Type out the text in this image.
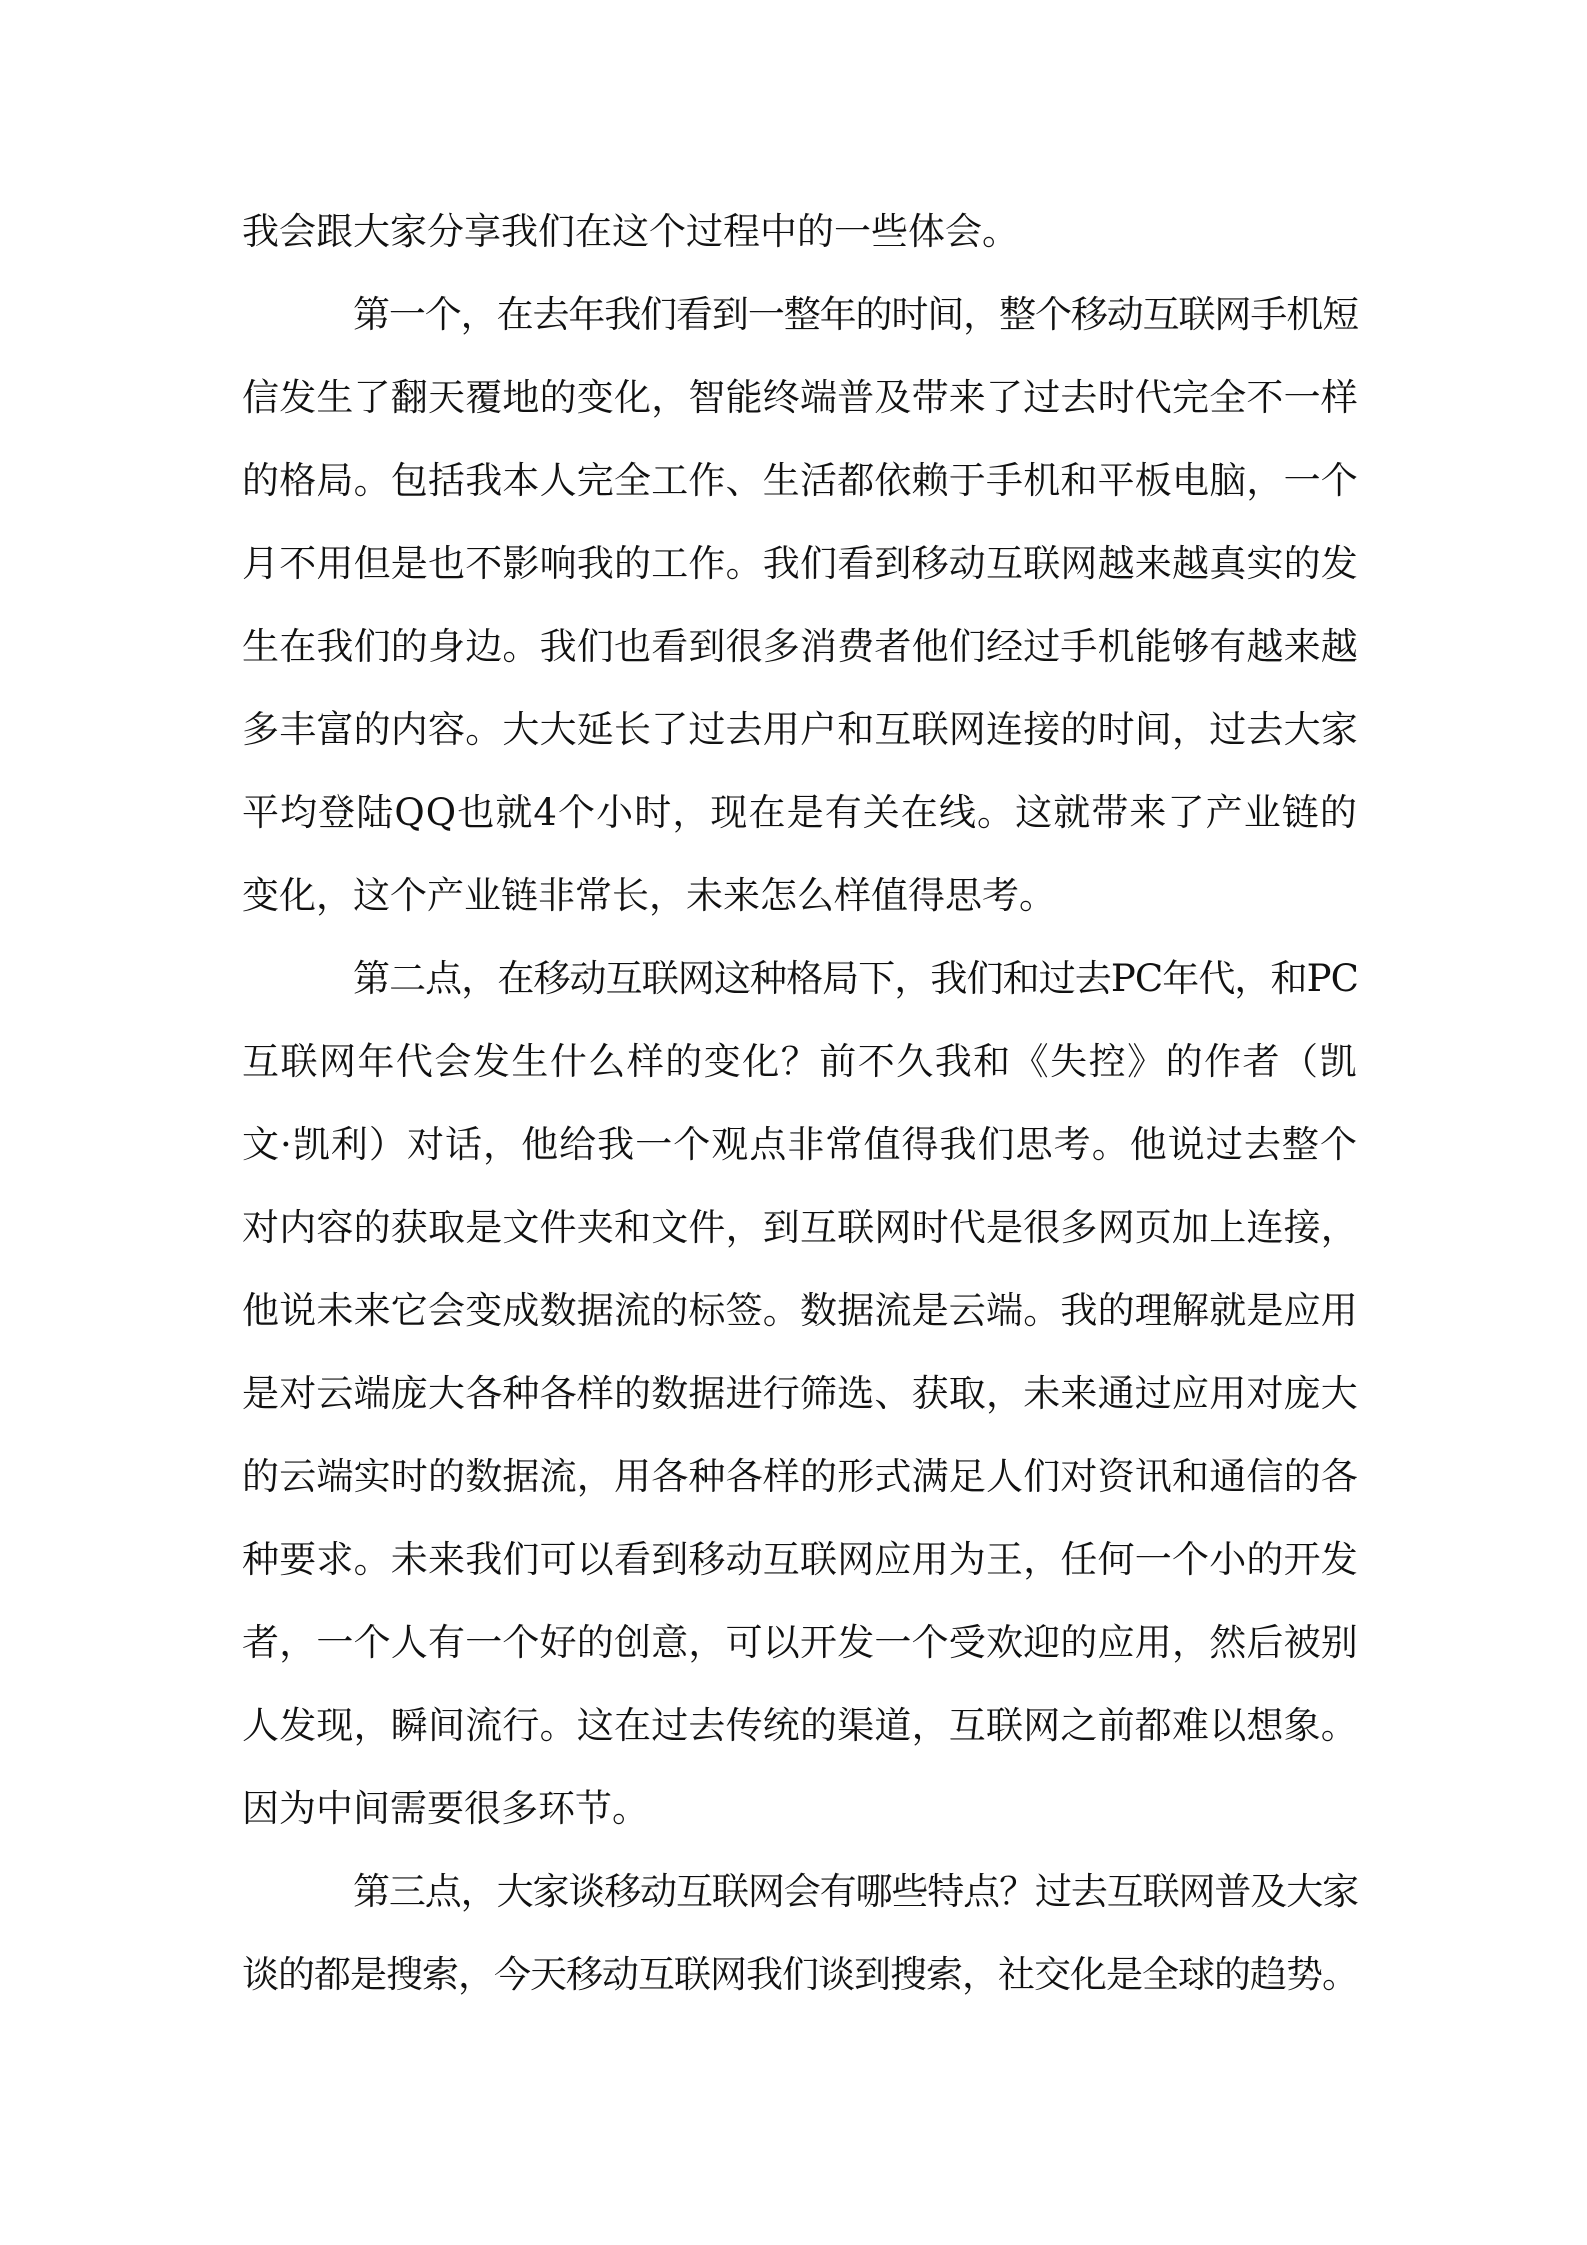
我会跟大家分享我们在这个过程中的一些体会。
第一个，在去年我们看到一整年的时间，整个移动互联网手机短
信发生了翻天覆地的变化，智能终端普及带来了过去时代完全不一样
的格局。包括我本人完全工作、生活都依赖于手机和平板电脑，一个
月不用但是也不影响我的工作。我们看到移动互联网越来越真实的发
生在我们的身边。我们也看到很多消费者他们经过手机能够有越来越
多丰富的内容。大大延长了过去用户和互联网连接的时间，过去大家
平均登陆QQ也就4个小时，现在是有关在线。这就带来了产业链的
变化，这个产业链非常长，未来怎么样值得思考。
第二点，在移动互联网这种格局下，我们和过去PC年代，和PC
互联网年代会发生什么样的变化？前不久我和《失控》的作者（凯
文·凯利）对话，他给我一个观点非常值得我们思考。他说过去整个
对内容的获取是文件夹和文件，到互联网时代是很多网页加上连接，
他说未来它会变成数据流的标签。数据流是云端。我的理解就是应用
是对云端庞大各种各样的数据进行筛选、获取，未来通过应用对庞大
的云端实时的数据流，用各种各样的形式满足人们对资讯和通信的各
种要求。未来我们可以看到移动互联网应用为王，任何一个小的开发
者，一个人有一个好的创意，可以开发一个受欢迎的应用，然后被别
人发现，瞬间流行。这在过去传统的渠道，互联网之前都难以想象。
因为中间需要很多环节。
第三点，大家谈移动互联网会有哪些特点？过去互联网普及大家
谈的都是搜索，今天移动互联网我们谈到搜索，社交化是全球的趋势。
